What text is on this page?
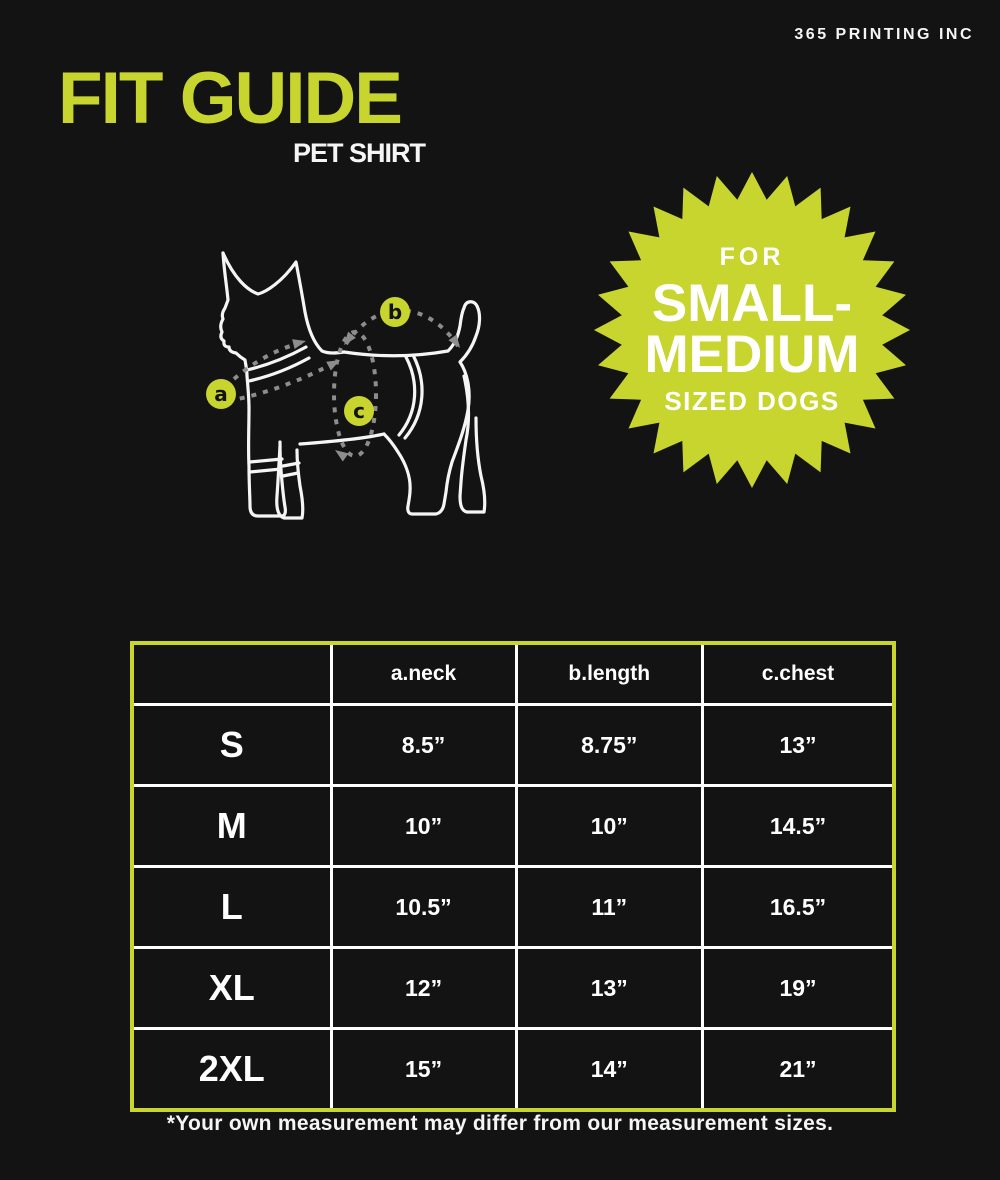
365 PRINTING INC
FIT GUIDE
PET SHIRT
a
b
c
FOR
SMALL-
MEDIUM
SIZED DOGS
	a.neck	b.length	c.chest
S	8.5”	8.75”	13”
M	10”	10”	14.5”
L	10.5”	11”	16.5”
XL	12”	13”	19”
2XL	15”	14”	21”
*Your own measurement may differ from our measurement sizes.
